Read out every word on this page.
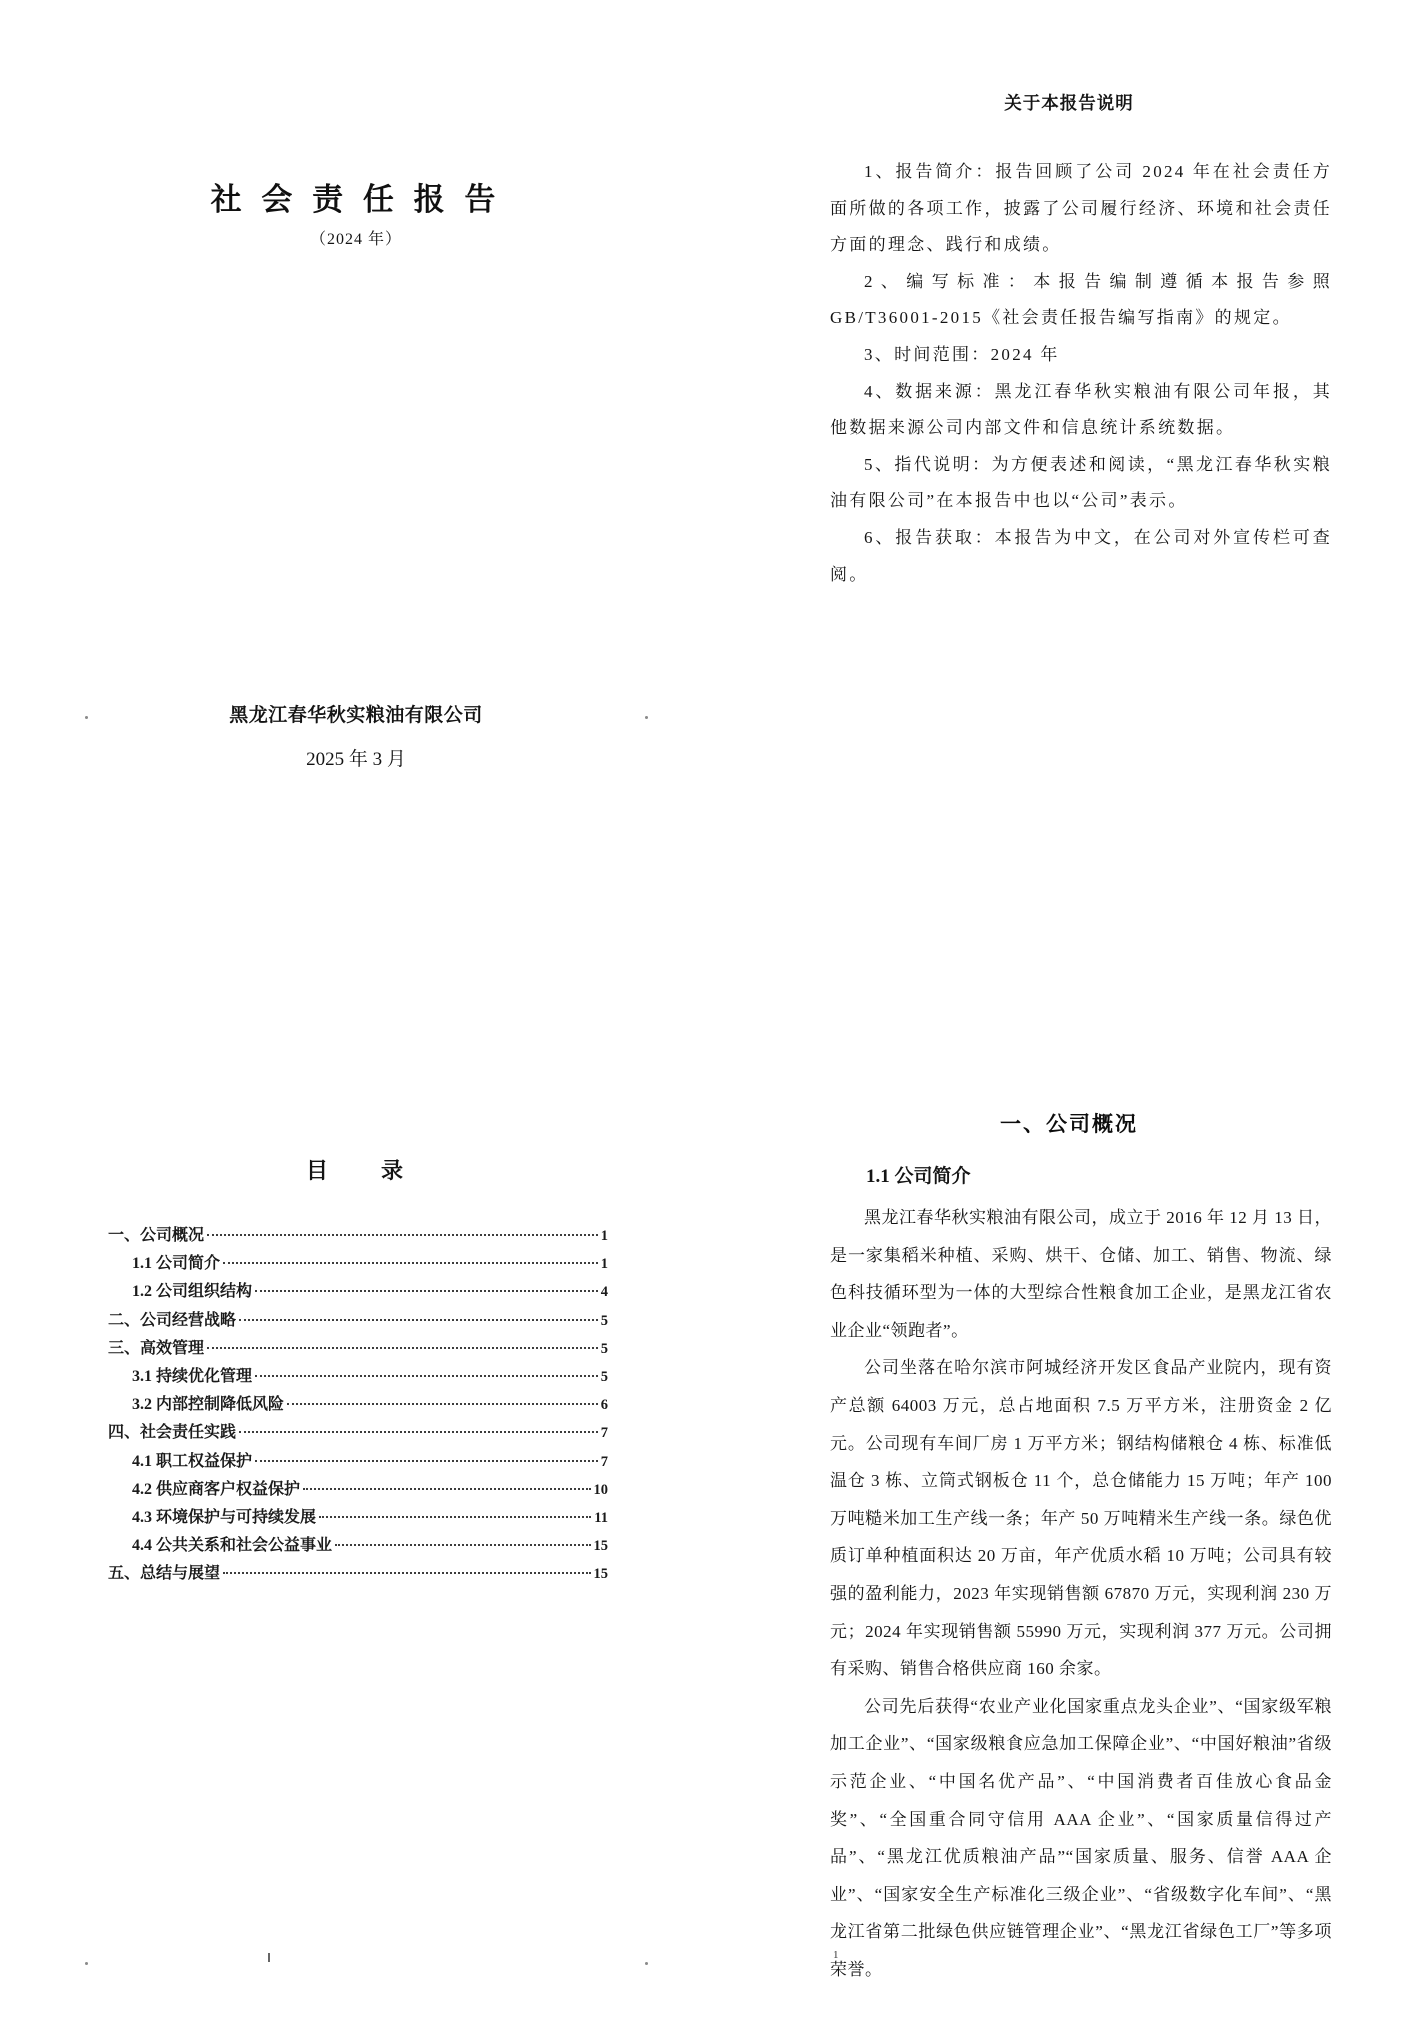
社 会 责 任 报 告
（2024 年）
黑龙江春华秋实粮油有限公司
2025 年 3 月
关于本报告说明

1、报告简介：报告回顾了公司 2024 年在社会责任方面所做的各项工作，披露了公司履行经济、环境和社会责任方面的理念、践行和成绩。

2、编写标准：本报告编制遵循本报告参照 GB/T36001-2015《社会责任报告编写指南》的规定。

3、时间范围：2024 年

4、数据来源：黑龙江春华秋实粮油有限公司年报，其他数据来源公司内部文件和信息统计系统数据。

5、指代说明：为方便表述和阅读，“黑龙江春华秋实粮油有限公司”在本报告中也以“公司”表示。

6、报告获取：本报告为中文，在公司对外宣传栏可查阅。

目　　录
一、公司概况	1
1.1 公司简介	1
1.2 公司组织结构	4
二、公司经营战略	5
三、高效管理	5
3.1 持续优化管理	5
3.2 内部控制降低风险	6
四、社会责任实践	7
4.1 职工权益保护	7
4.2 供应商客户权益保护	10
4.3 环境保护与可持续发展	11
4.4 公共关系和社会公益事业	15
五、总结与展望	15
一、公司概况
1.1 公司简介

黑龙江春华秋实粮油有限公司，成立于 2016 年 12 月 13 日，是一家集稻米种植、采购、烘干、仓储、加工、销售、物流、绿色科技循环型为一体的大型综合性粮食加工企业，是黑龙江省农业企业“领跑者”。

公司坐落在哈尔滨市阿城经济开发区食品产业院内，现有资产总额 64003 万元，总占地面积 7.5 万平方米，注册资金 2 亿元。公司现有车间厂房 1 万平方米；钢结构储粮仓 4 栋、标准低温仓 3 栋、立筒式钢板仓 11 个，总仓储能力 15 万吨；年产 100 万吨糙米加工生产线一条；年产 50 万吨精米生产线一条。绿色优质订单种植面积达 20 万亩，年产优质水稻 10 万吨；公司具有较强的盈利能力，2023 年实现销售额 67870 万元，实现利润 230 万元；2024 年实现销售额 55990 万元，实现利润 377 万元。公司拥有采购、销售合格供应商 160 余家。

公司先后获得“农业产业化国家重点龙头企业”、“国家级军粮加工企业”、“国家级粮食应急加工保障企业”、“中国好粮油”省级示范企业、“中国名优产品”、“中国消费者百佳放心食品金奖”、“全国重合同守信用 AAA 企业”、“国家质量信得过产品”、“黑龙江优质粮油产品”“国家质量、服务、信誉 AAA 企业”、“国家安全生产标准化三级企业”、“省级数字化车间”、“黑龙江省第二批绿色供应链管理企业”、“黑龙江省绿色工厂”等多项荣誉。

1
